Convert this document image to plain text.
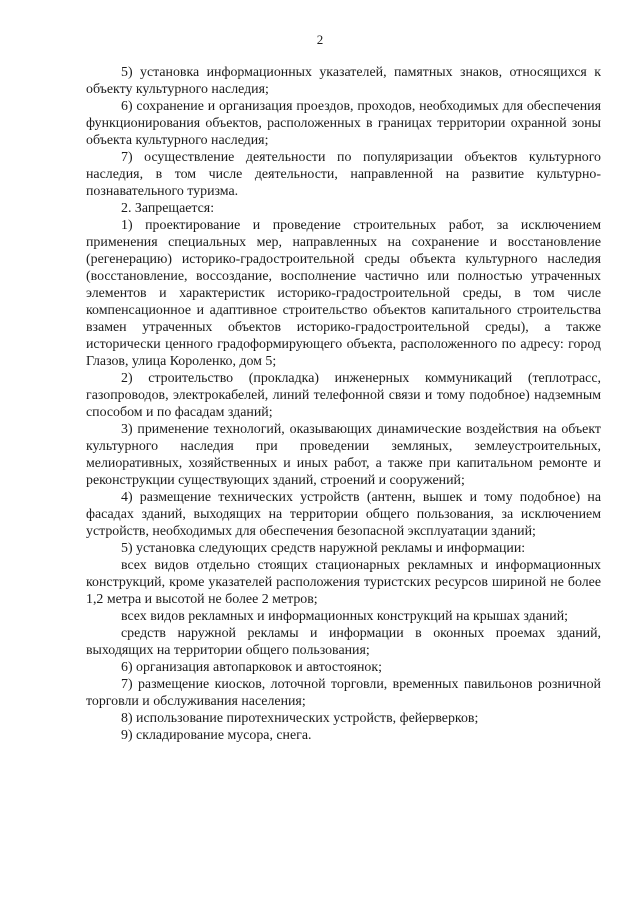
2

5) установка информационных указателей, памятных знаков, относящихся к объекту культурного наследия;

6) сохранение и организация проездов, проходов, необходимых для обеспечения функционирования объектов, расположенных в границах территории охранной зоны объекта культурного наследия;

7) осуществление деятельности по популяризации объектов культурного наследия, в том числе деятельности, направленной на развитие культурно-познавательного туризма.

2. Запрещается:

1) проектирование и проведение строительных работ, за исключением применения специальных мер, направленных на сохранение и восстановление (регенерацию) историко-градостроительной среды объекта культурного наследия (восстановление, воссоздание, восполнение частично или полностью утраченных элементов и характеристик историко-градостроительной среды, в том числе компенсационное и адаптивное строительство объектов капитального строительства взамен утраченных объектов историко-градостроительной среды), а также исторически ценного градоформирующего объекта, расположенного по адресу: город Глазов, улица Короленко, дом 5;

2) строительство (прокладка) инженерных коммуникаций (теплотрасс, газопроводов, электрокабелей, линий телефонной связи и тому подобное) надземным способом и по фасадам зданий;

3) применение технологий, оказывающих динамические воздействия на объект культурного наследия при проведении земляных, землеустроительных, мелиоративных, хозяйственных и иных работ, а также при капитальном ремонте и реконструкции существующих зданий, строений и сооружений;

4) размещение технических устройств (антенн, вышек и тому подобное) на фасадах зданий, выходящих на территории общего пользования, за исключением устройств, необходимых для обеспечения безопасной эксплуатации зданий;

5) установка следующих средств наружной рекламы и информации:

всех видов отдельно стоящих стационарных рекламных и информационных конструкций, кроме указателей расположения туристских ресурсов шириной не более 1,2 метра и высотой не более 2 метров;

всех видов рекламных и информационных конструкций на крышах зданий;

средств наружной рекламы и информации в оконных проемах зданий, выходящих на территории общего пользования;

6) организация автопарковок и автостоянок;

7) размещение киосков, лоточной торговли, временных павильонов розничной торговли и обслуживания населения;

8) использование пиротехнических устройств, фейерверков;

9) складирование мусора, снега.
